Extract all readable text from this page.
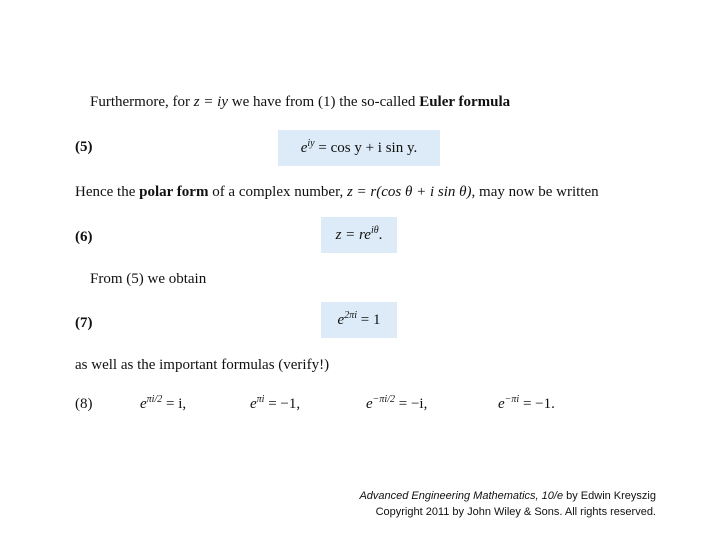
Furthermore, for z = iy we have from (1) the so-called Euler formula
(5)	$e^{iy} = \cos y + i$ sin y.
Hence the polar form of a complex number, z = r(cos θ + i sin θ), may now be written
(6)	$z = re^{i\theta}$.
From (5) we obtain
(7)	$e^{2\pi i} = 1$
as well as the important formulas (verify!)
(8)	$e^{\pi i/2} = i$,	$e^{\pi i} = -1$,	$e^{-\pi i/2} = -i$,	$e^{-\pi i} = -1$.
Advanced Engineering Mathematics, 10/e by Edwin Kreyszig
Copyright 2011 by John Wiley & Sons. All rights reserved.
